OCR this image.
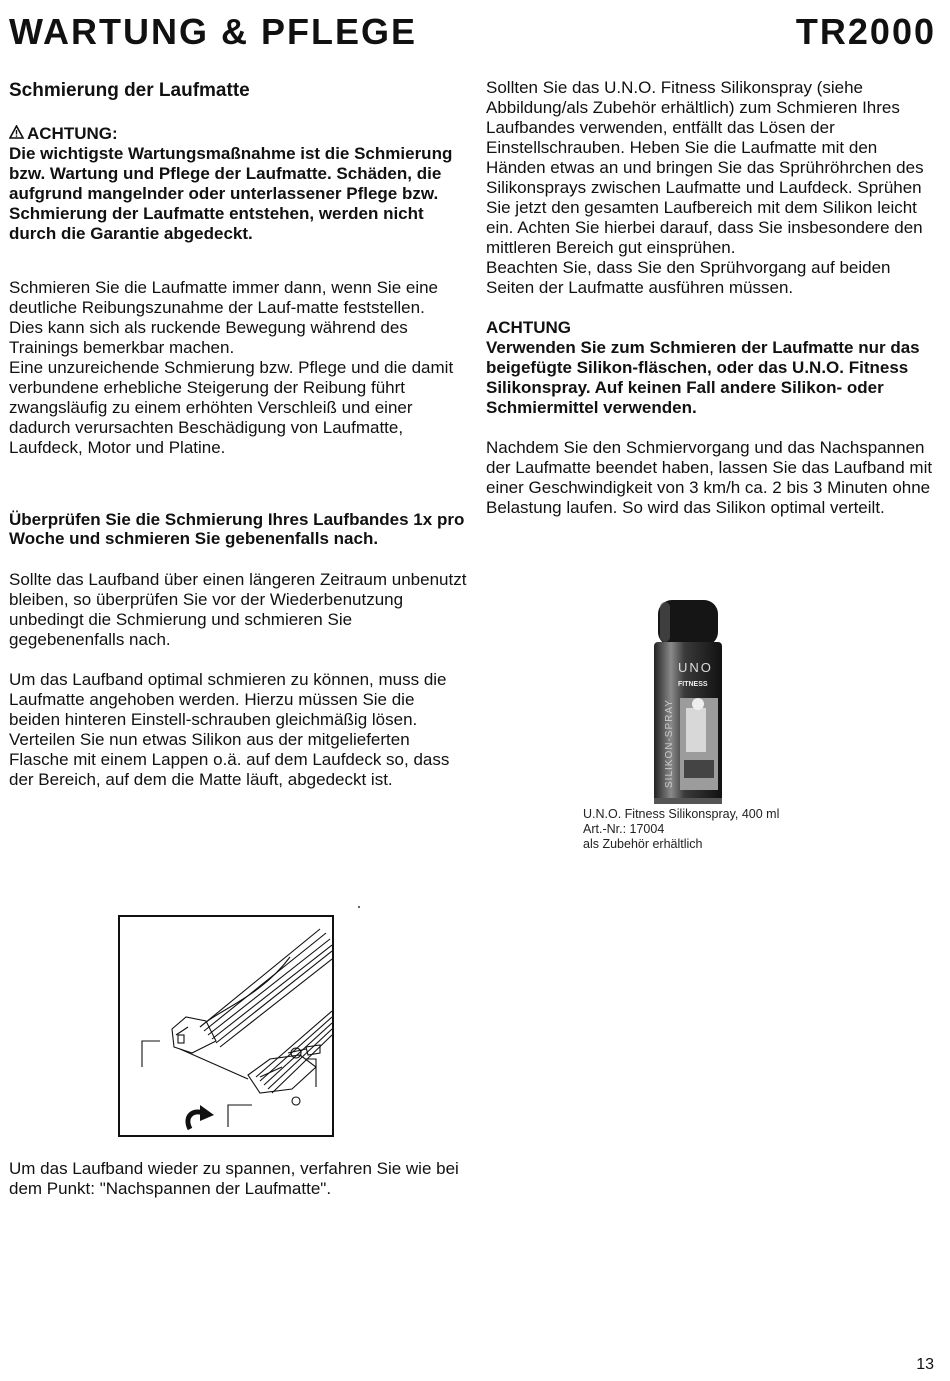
WARTUNG & PFLEGE	TR2000

Schmierung der Laufmatte

ACHTUNG:

Die wichtigste Wartungsmaßnahme ist die Schmierung bzw. Wartung und Pflege der Laufmatte. Schäden, die aufgrund mangelnder oder unterlassener Pflege bzw. Schmierung der Laufmatte entstehen, werden nicht durch die Garantie abgedeckt.

Schmieren Sie die Laufmatte immer dann, wenn Sie eine deutliche Reibungszunahme der Lauf-matte feststellen.

Dies kann sich als ruckende Bewegung während des Trainings bemerkbar machen.

Eine unzureichende Schmierung bzw. Pflege und die damit verbundene erhebliche Steigerung der Reibung führt zwangsläufig zu einem erhöhten Verschleiß und einer dadurch verursachten Beschädigung von Laufmatte, Laufdeck, Motor und Platine.

Überprüfen Sie die Schmierung Ihres Laufbandes 1x pro Woche und schmieren Sie gebenenfalls nach.

Sollte das Laufband über einen längeren Zeitraum unbenutzt bleiben, so überprüfen Sie vor der Wiederbenutzung unbedingt die Schmierung und schmieren Sie gegebenenfalls nach.

Um das Laufband optimal schmieren zu können, muss die Laufmatte angehoben werden. Hierzu müssen Sie die beiden hinteren Einstell-schrauben gleichmäßig lösen. Verteilen Sie nun etwas Silikon aus der mitgelieferten Flasche mit einem Lappen o.ä. auf dem Laufdeck so, dass der Bereich, auf dem die Matte läuft, abgedeckt ist.

Sollten Sie das U.N.O. Fitness Silikonspray (siehe Abbildung/als Zubehör erhältlich) zum Schmieren Ihres Laufbandes verwenden, entfällt das Lösen der Einstellschrauben. Heben Sie die Laufmatte mit den Händen etwas an und bringen Sie das Sprühröhrchen des Silikonsprays zwischen Laufmatte und Laufdeck. Sprühen Sie jetzt den gesamten Laufbereich mit dem Silikon leicht ein. Achten Sie hierbei darauf, dass Sie insbesondere den mittleren Bereich gut einsprühen.

Beachten Sie, dass Sie den Sprühvorgang auf beiden Seiten der Laufmatte ausführen müssen.

ACHTUNG

Verwenden Sie zum Schmieren der Laufmatte nur das beigefügte Silikon-fläschen, oder das U.N.O. Fitness Silikonspray. Auf keinen Fall andere Silikon- oder Schmiermittel verwenden.

Nachdem Sie den Schmiervorgang und das Nachspannen der Laufmatte beendet haben, lassen Sie das Laufband mit einer Geschwindigkeit von 3 km/h ca. 2 bis 3 Minuten ohne Belastung laufen. So wird das Silikon optimal verteilt.

UNO
FITNESS
SILIKON-SPRAY
U.N.O. Fitness Silikonspray, 400 ml
Art.-Nr.: 17004
als Zubehör erhältlich
Um das Laufband wieder zu spannen, verfahren Sie wie bei dem Punkt: "Nachspannen der Laufmatte".
13
